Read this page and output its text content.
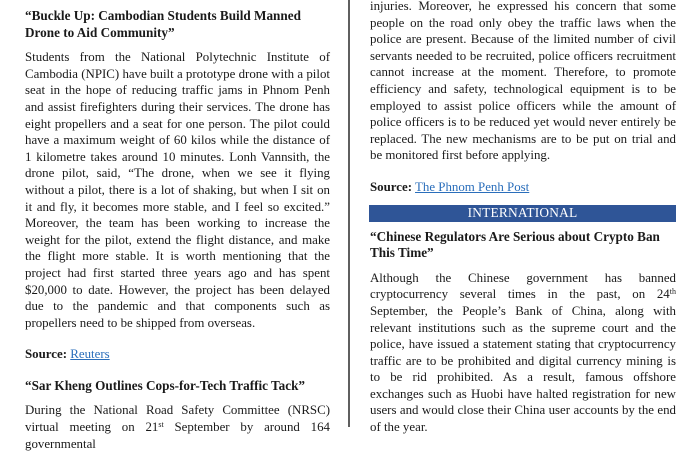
“Buckle Up: Cambodian Students Build Manned Drone to Aid Community”

Students from the National Polytechnic Institute of Cambodia (NPIC) have built a prototype drone with a pilot seat in the hope of reducing traffic jams in Phnom Penh and assist firefighters during their services. The drone has eight propellers and a seat for one person. The pilot could have a maximum weight of 60 kilos while the distance of 1 kilometre takes around 10 minutes. Lonh Vannsith, the drone pilot, said, “The drone, when we see it flying without a pilot, there is a lot of shaking, but when I sit on it and fly, it becomes more stable, and I feel so excited.” Moreover, the team has been working to increase the weight for the pilot, extend the flight distance, and make the flight more stable. It is worth mentioning that the project had first started three years ago and has spent $20,000 to date. However, the project has been delayed due to the pandemic and that components such as propellers need to be shipped from overseas.

Source: Reuters

“Sar Kheng Outlines Cops-for-Tech Traffic Tack”

During the National Road Safety Committee (NRSC) virtual meeting on 21st September by around 164 governmental

injuries. Moreover, he expressed his concern that some people on the road only obey the traffic laws when the police are present. Because of the limited number of civil servants needed to be recruited, police officers recruitment cannot increase at the moment. Therefore, to promote efficiency and safety, technological equipment is to be employed to assist police officers while the amount of police officers is to be reduced yet would never entirely be replaced. The new mechanisms are to be put on trial and be monitored first before applying.

Source: The Phnom Penh Post

INTERNATIONAL
“Chinese Regulators Are Serious about Crypto Ban This Time”

Although the Chinese government has banned cryptocurrency several times in the past, on 24th September, the People’s Bank of China, along with relevant institutions such as the supreme court and the police, have issued a statement stating that cryptocurrency traffic are to be prohibited and digital currency mining is to be rid prohibited. As a result, famous offshore exchanges such as Huobi have halted registration for new users and would close their China user accounts by the end of the year.
